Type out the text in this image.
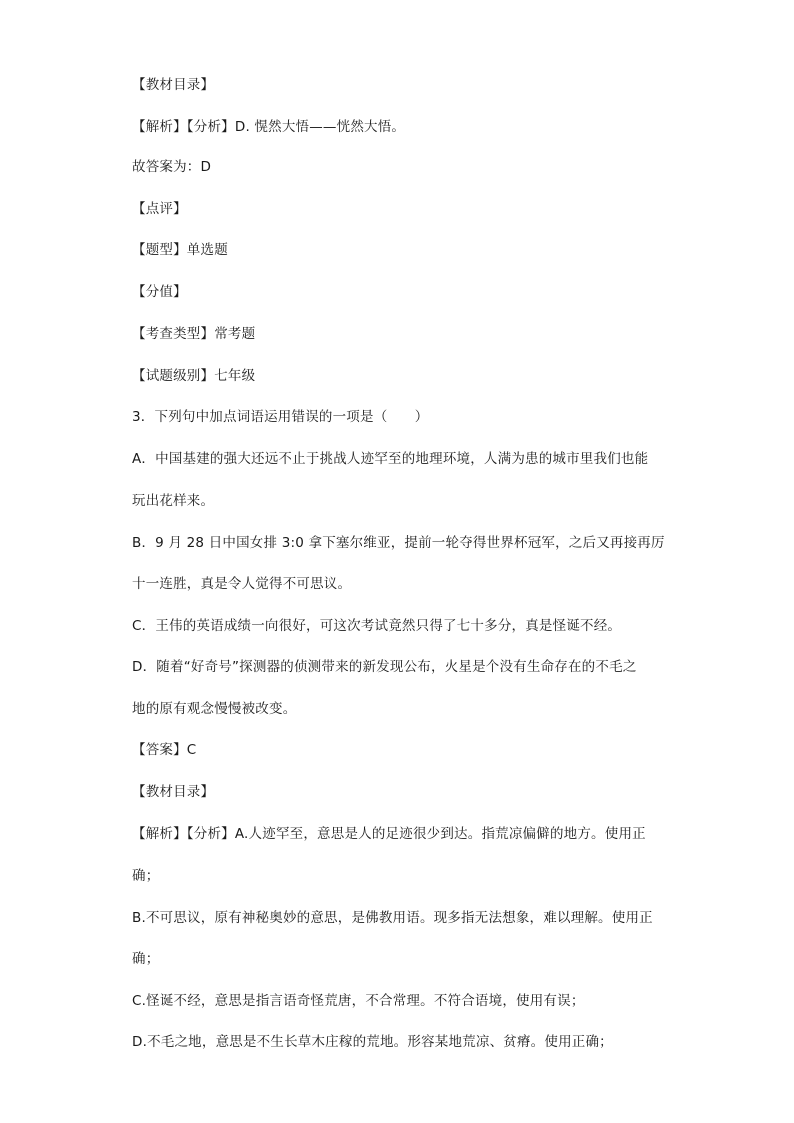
【教材目录】
【解析】【分析】D. 愰然大悟——恍然大悟。
故答案为：D
【点评】
【题型】单选题
【分值】
【考查类型】常考题
【试题级别】七年级
3．下列句中加点词语运用错误的一项是（　　）
A．中国基建的强大还远不止于挑战人迹罕至的地理环境，人满为患的城市里我们也能
玩出花样来。
B．9 月 28 日中国女排 3:0 拿下塞尔维亚，提前一轮夺得世界杯冠军，之后又再接再厉
十一连胜，真是令人觉得不可思议。
C．王伟的英语成绩一向很好，可这次考试竟然只得了七十多分，真是怪诞不经。
D．随着“好奇号”探测器的侦测带来的新发现公布，火星是个没有生命存在的不毛之
地的原有观念慢慢被改变。
【答案】C
【教材目录】
【解析】【分析】A.人迹罕至，意思是人的足迹很少到达。指荒凉偏僻的地方。使用正
确；
B.不可思议，原有神秘奥妙的意思，是佛教用语。现多指无法想象，难以理解。使用正
确；
C.怪诞不经，意思是指言语奇怪荒唐，不合常理。不符合语境，使用有误；
D.不毛之地，意思是不生长草木庄稼的荒地。形容某地荒凉、贫瘠。使用正确；
